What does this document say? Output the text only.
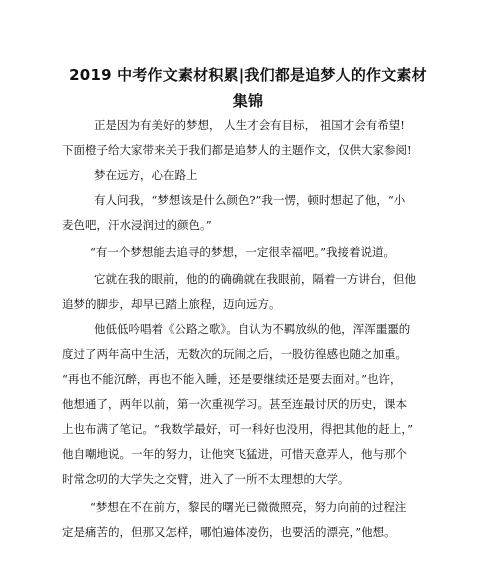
2019 中考作文素材积累|我们都是追梦人的作文素材
集锦

正是因为有美好的梦想， 人生才会有目标， 祖国才会有希望!
下面橙子给大家带来关于我们都是追梦人的主题作文，仅供大家参阅!

梦在远方，心在路上

有人问我，“梦想该是什么颜色?”我一愣，顿时想起了他，“小
麦色吧，汗水浸润过的颜色。”

“有一个梦想能去追寻的梦想，一定很幸福吧。”我接着说道。

它就在我的眼前，他的的确确就在我眼前，隔着一方讲台，但他
追梦的脚步，却早已踏上旅程，迈向远方。

他低低吟唱着《公路之歌》。自认为不羁放纵的他，浑浑噩噩的
度过了两年高中生活，无数次的玩闹之后，一股彷徨感也随之加重。
“再也不能沉醉，再也不能入睡，还是要继续还是要去面对。”也许，
他想通了，两年以前，第一次重视学习。甚至连最讨厌的历史，课本
上也布满了笔记。“我数学最好，可一科好也没用，得把其他的赶上，”
他自嘲地说。一年的努力，让他突飞猛进，可惜天意弄人，他与那个
时常念叨的大学失之交臂，进入了一所不太理想的大学。

“梦想在不在前方，黎民的曙光已微微照亮，努力向前的过程注
定是痛苦的，但那又怎样，哪怕遍体凌伤，也要活的漂亮，”他想。
